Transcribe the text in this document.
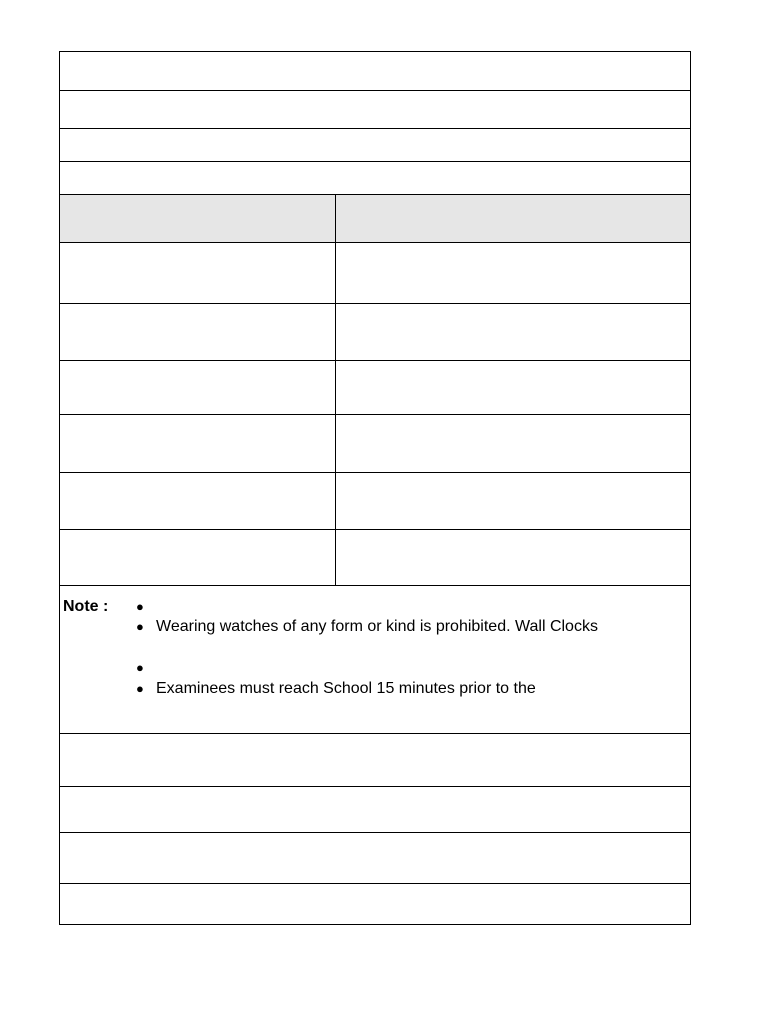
Note : ●
● Wearing watches of any form or kind is prohibited. Wall Clocks
●
● Examinees must reach School 15 minutes prior to the
